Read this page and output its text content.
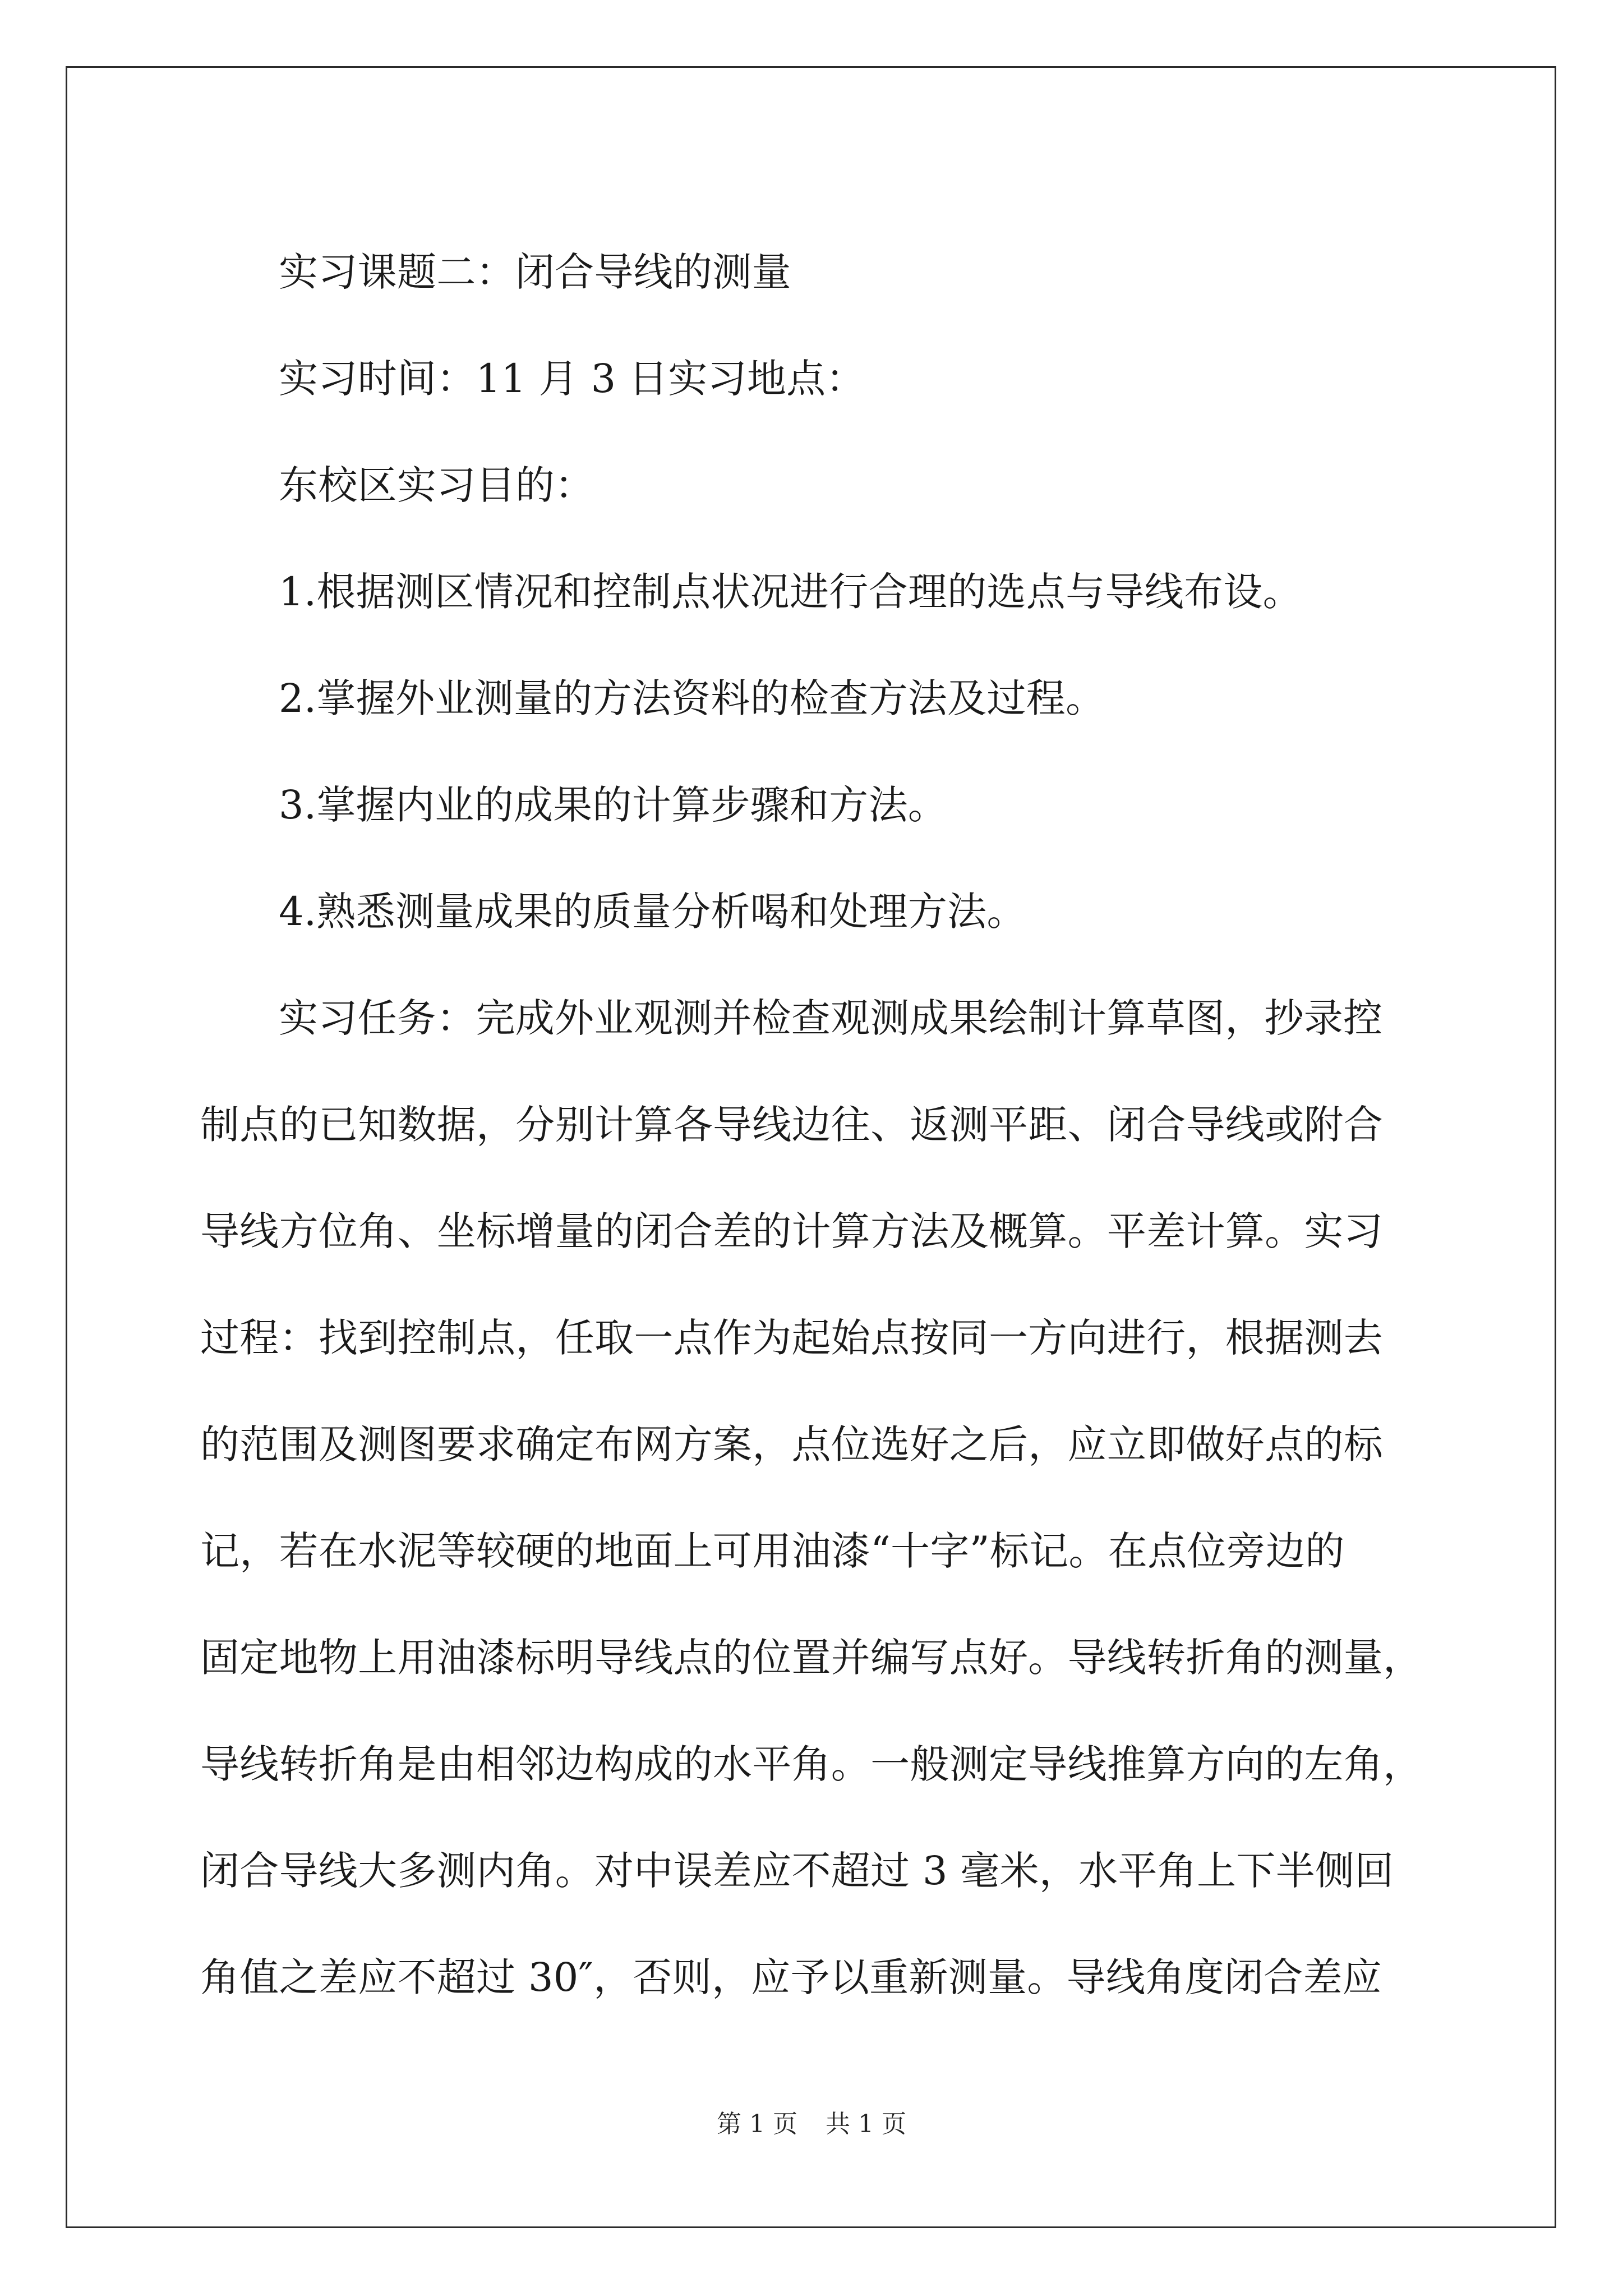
实习课题二：闭合导线的测量
实习时间：11 月 3 日实习地点：
东校区实习目的：
1.根据测区情况和控制点状况进行合理的选点与导线布设。
2.掌握外业测量的方法资料的检查方法及过程。
3.掌握内业的成果的计算步骤和方法。
4.熟悉测量成果的质量分析喝和处理方法。
实习任务：完成外业观测并检查观测成果绘制计算草图，抄录控
制点的已知数据，分别计算各导线边往、返测平距、闭合导线或附合
导线方位角、坐标增量的闭合差的计算方法及概算。平差计算。实习
过程：找到控制点，任取一点作为起始点按同一方向进行，根据测去
的范围及测图要求确定布网方案，点位选好之后，应立即做好点的标
记，若在水泥等较硬的地面上可用油漆“十字”标记。在点位旁边的
固定地物上用油漆标明导线点的位置并编写点好。导线转折角的测量，
导线转折角是由相邻边构成的水平角。一般测定导线推算方向的左角，
闭合导线大多测内角。对中误差应不超过 3 毫米，水平角上下半侧回
角值之差应不超过 30″，否则，应予以重新测量。导线角度闭合差应
第 1 页 共 1 页
